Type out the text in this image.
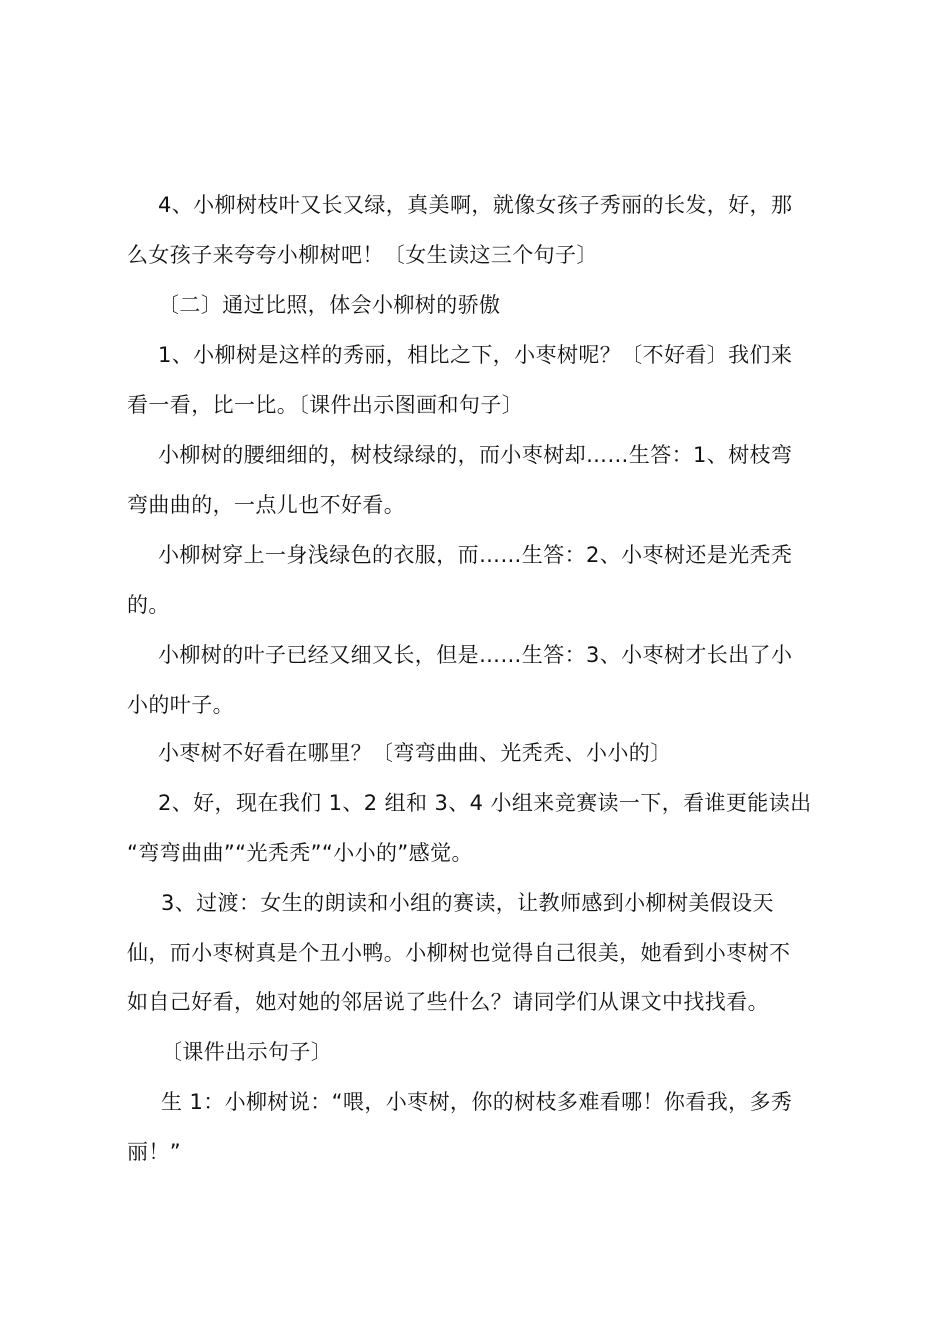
4、小柳树枝叶又长又绿，真美啊，就像女孩子秀丽的长发，好，那
么女孩子来夸夸小柳树吧！〔女生读这三个句子〕
〔二〕通过比照，体会小柳树的骄傲
1、小柳树是这样的秀丽，相比之下，小枣树呢？〔不好看〕我们来
看一看，比一比。〔课件出示图画和句子〕
小柳树的腰细细的，树枝绿绿的，而小枣树却……生答：1、树枝弯
弯曲曲的，一点儿也不好看。
小柳树穿上一身浅绿色的衣服，而……生答：2、小枣树还是光秃秃
的。
小柳树的叶子已经又细又长，但是……生答：3、小枣树才长出了小
小的叶子。
小枣树不好看在哪里？〔弯弯曲曲、光秃秃、小小的〕
2、好，现在我们 1、2 组和 3、4 小组来竞赛读一下，看谁更能读出
“弯弯曲曲”“光秃秃”“小小的”感觉。
3、过渡：女生的朗读和小组的赛读，让教师感到小柳树美假设天
仙，而小枣树真是个丑小鸭。小柳树也觉得自己很美，她看到小枣树不
如自己好看，她对她的邻居说了些什么？请同学们从课文中找找看。
〔课件出示句子〕
生 1：小柳树说：“喂，小枣树，你的树枝多难看哪！你看我，多秀
丽！”
